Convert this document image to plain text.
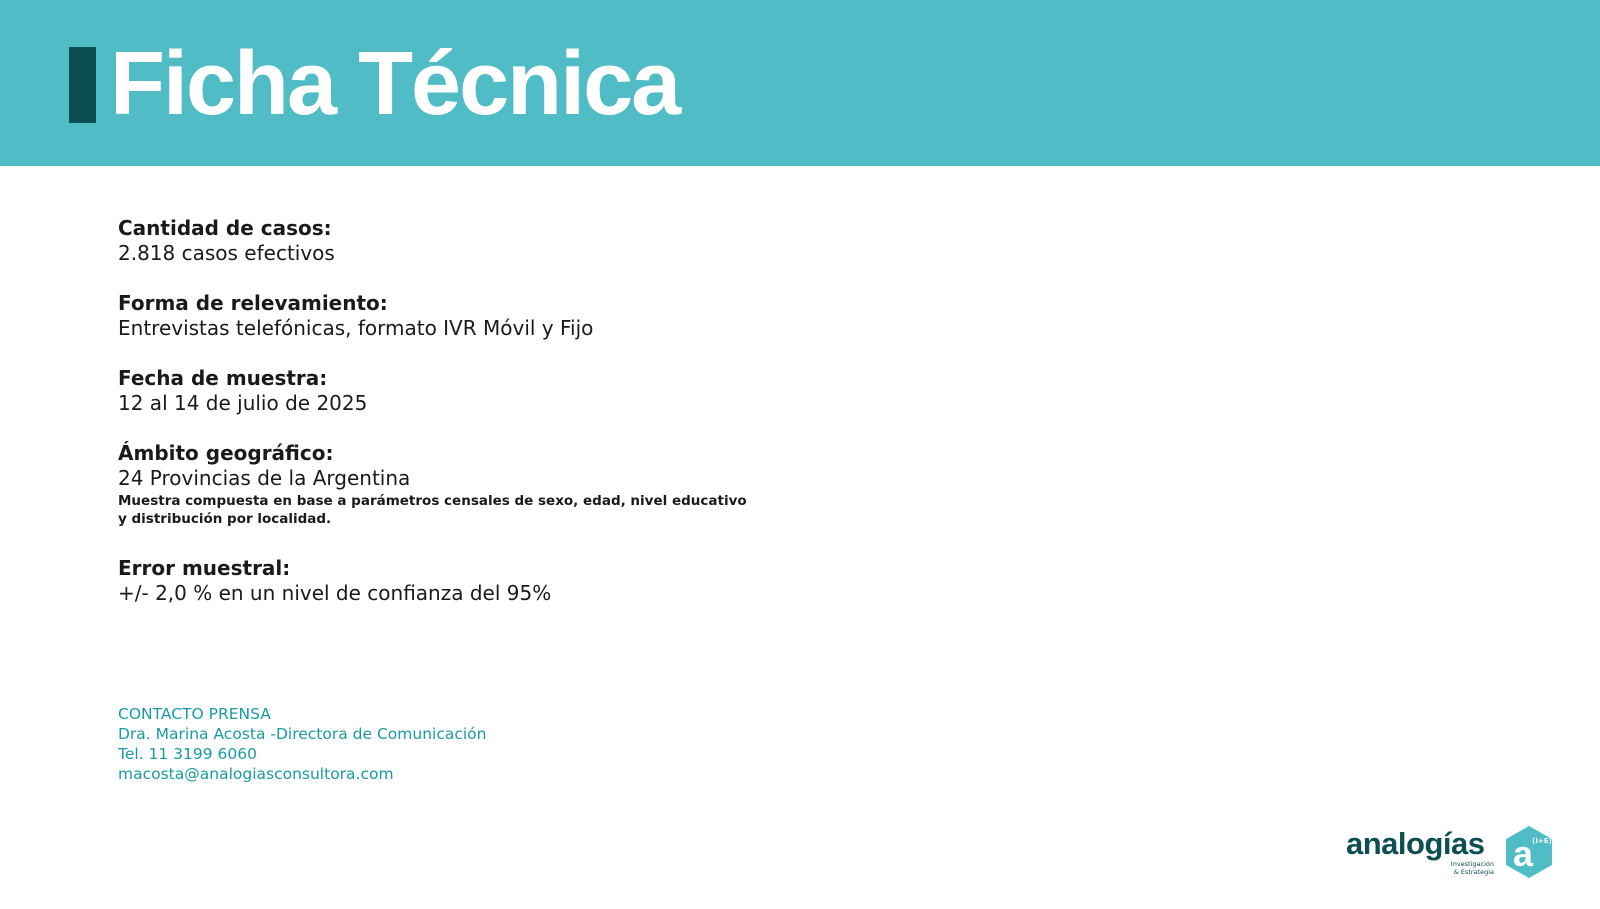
Ficha Técnica
Cantidad de casos:
2.818 casos efectivos
Forma de relevamiento:
Entrevistas telefónicas, formato IVR Móvil y Fijo
Fecha de muestra:
12 al 14 de julio de 2025
Ámbito geográfico:
24 Provincias de la Argentina
Muestra compuesta en base a parámetros censales de sexo, edad, nivel educativo
y distribución por localidad.
Error muestral:
+/- 2,0 % en un nivel de confianza del 95%
CONTACTO PRENSA
Dra. Marina Acosta -Directora de Comunicación
Tel. 11 3199 6060
macosta@analogiasconsultora.com
analogías
Investigación
& Estrategia a (I+E)
